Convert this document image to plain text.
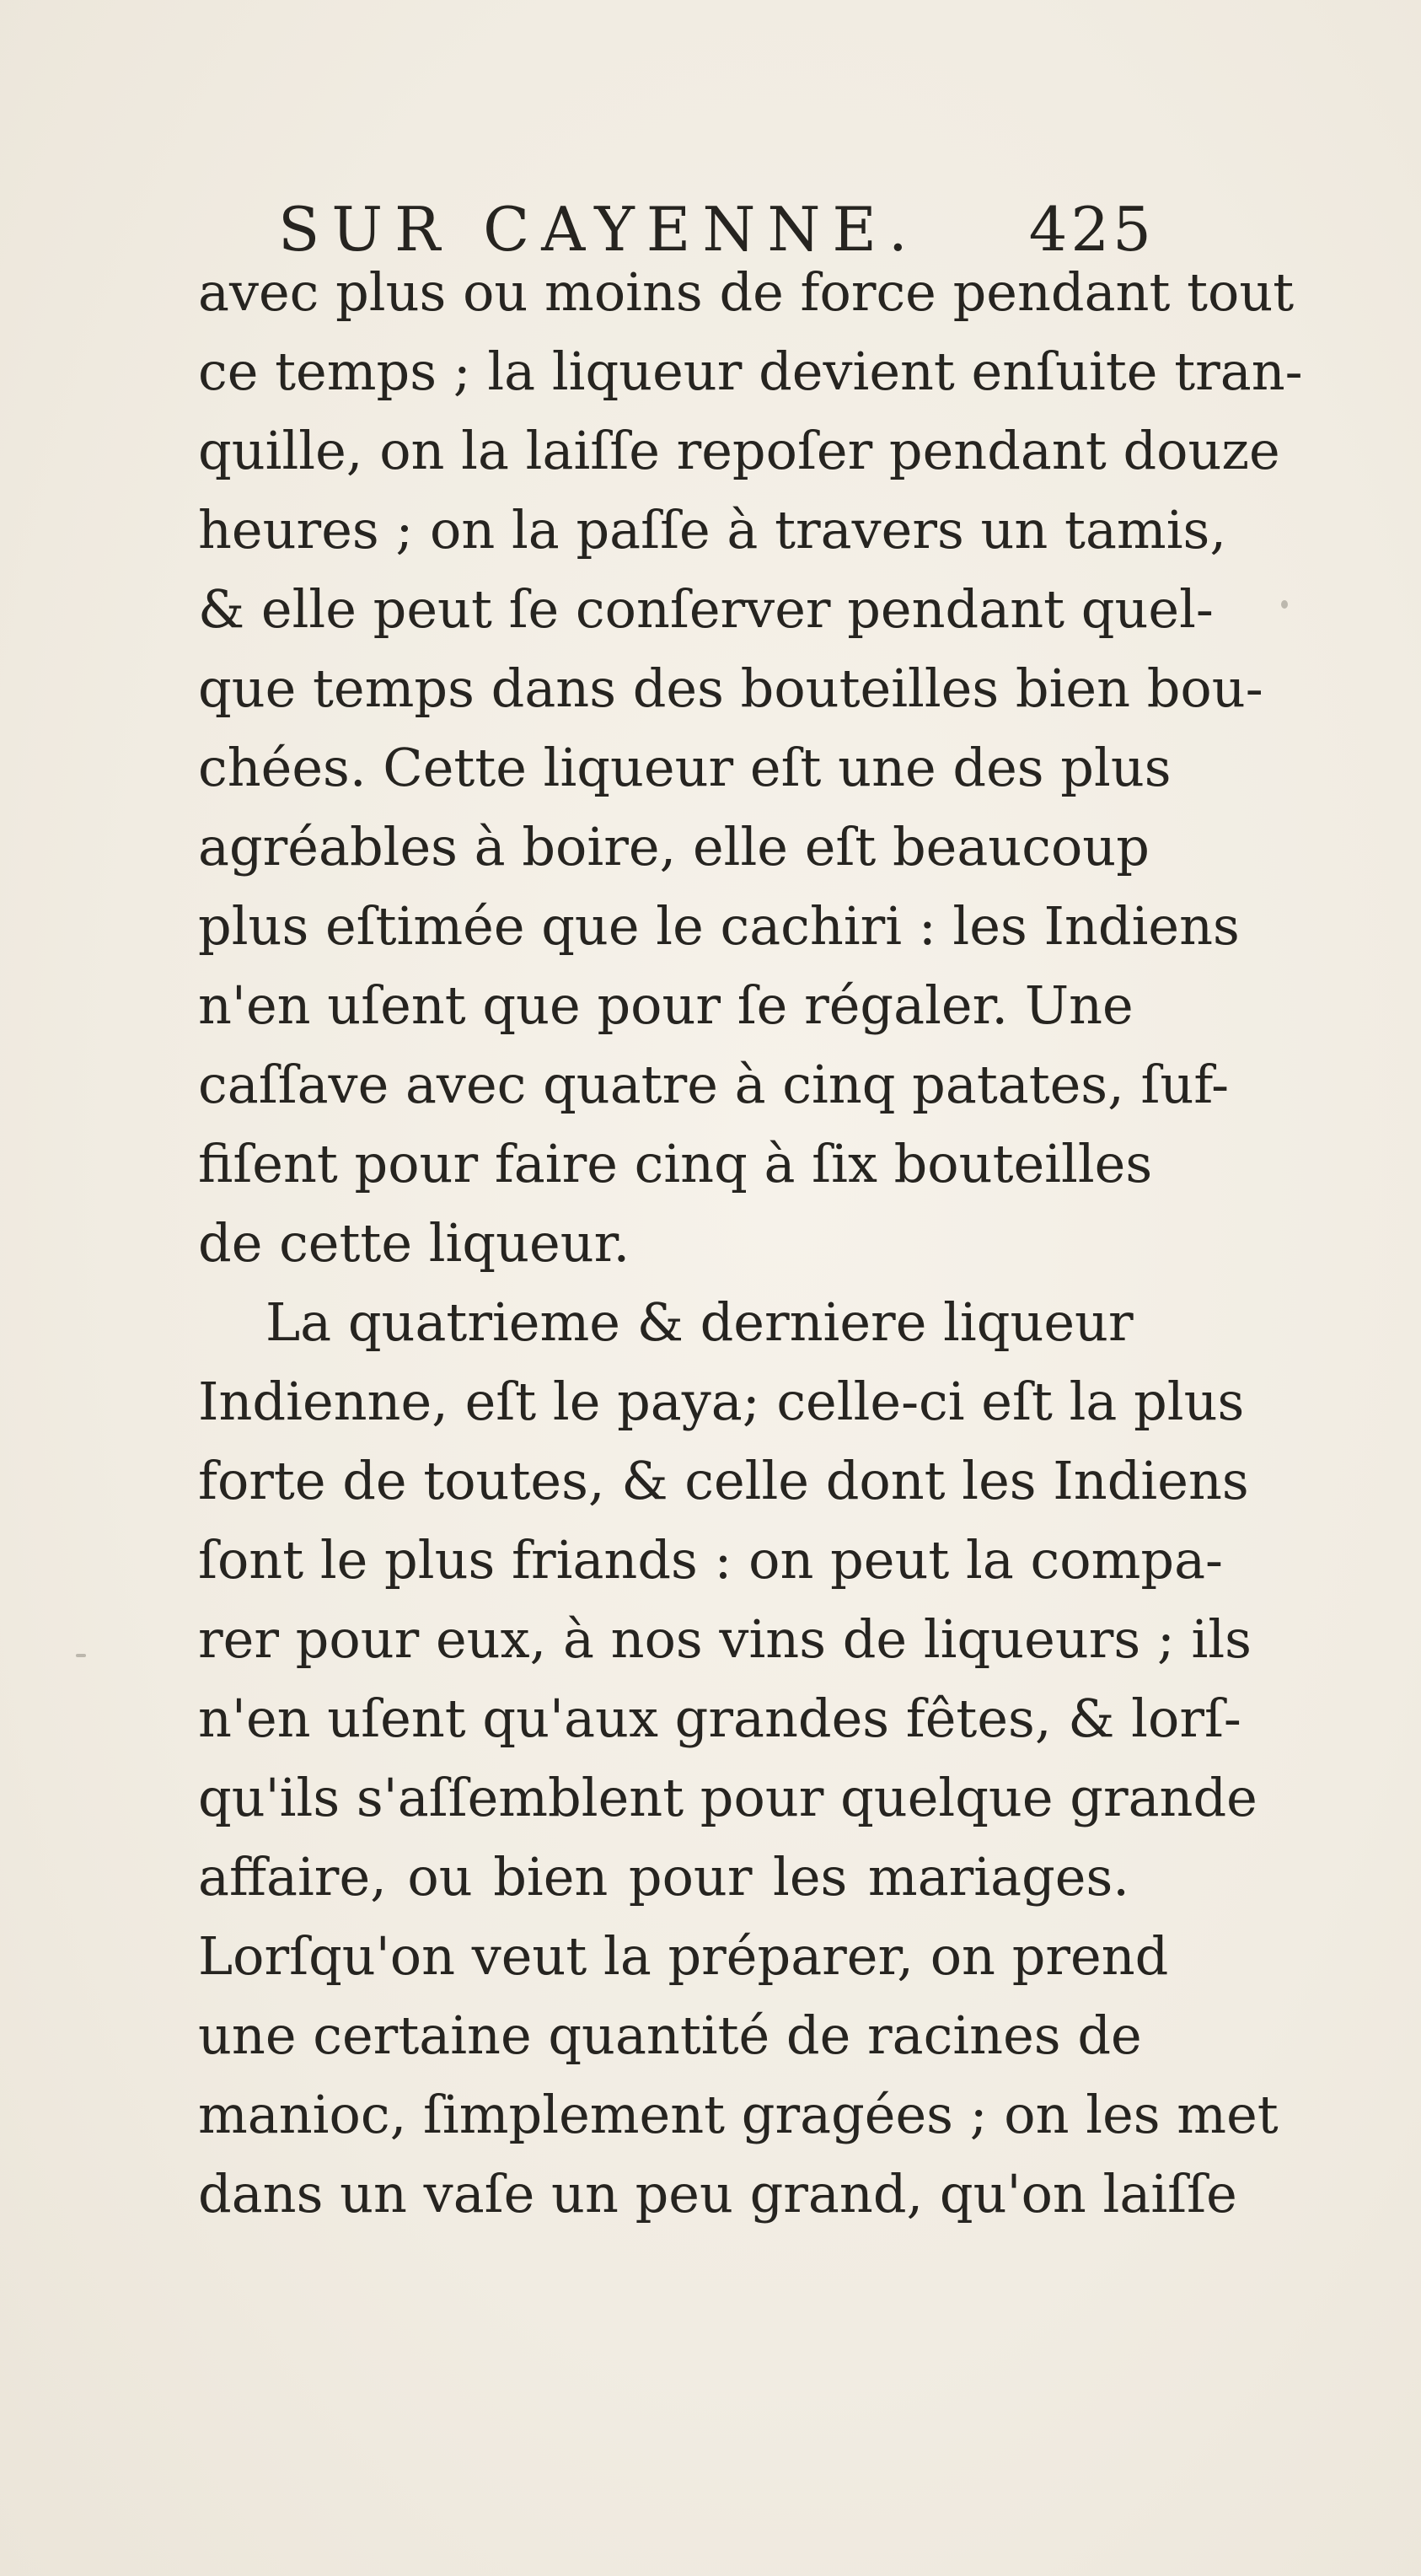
SUR CAYENNE. 425
avec plus ou moins de force pendant tout
ce temps ; la liqueur devient enſuite tran-
quille, on la laiſſe repoſer pendant douze
heures ; on la paſſe à travers un tamis,
& elle peut ſe conſerver pendant quel-
que temps dans des bouteilles bien bou-
chées. Cette liqueur eſt une des plus
agréables à boire, elle eſt beaucoup
plus eſtimée que le cachiri : les Indiens
n'en uſent que pour ſe régaler. Une
caſſave avec quatre à cinq patates, ſuf-
fiſent pour faire cinq à ſix bouteilles
de cette liqueur.
La quatrieme & derniere liqueur
Indienne, eſt le paya; celle-ci eſt la plus
forte de toutes, & celle dont les Indiens
ſont le plus friands : on peut la compa-
rer pour eux, à nos vins de liqueurs ; ils
n'en uſent qu'aux grandes fêtes, & lorſ-
qu'ils s'aſſemblent pour quelque grande
affaire, ou bien pour les mariages.
Lorſqu'on veut la préparer, on prend
une certaine quantité de racines de
manioc, ſimplement gragées ; on les met
dans un vaſe un peu grand, qu'on laiſſe
